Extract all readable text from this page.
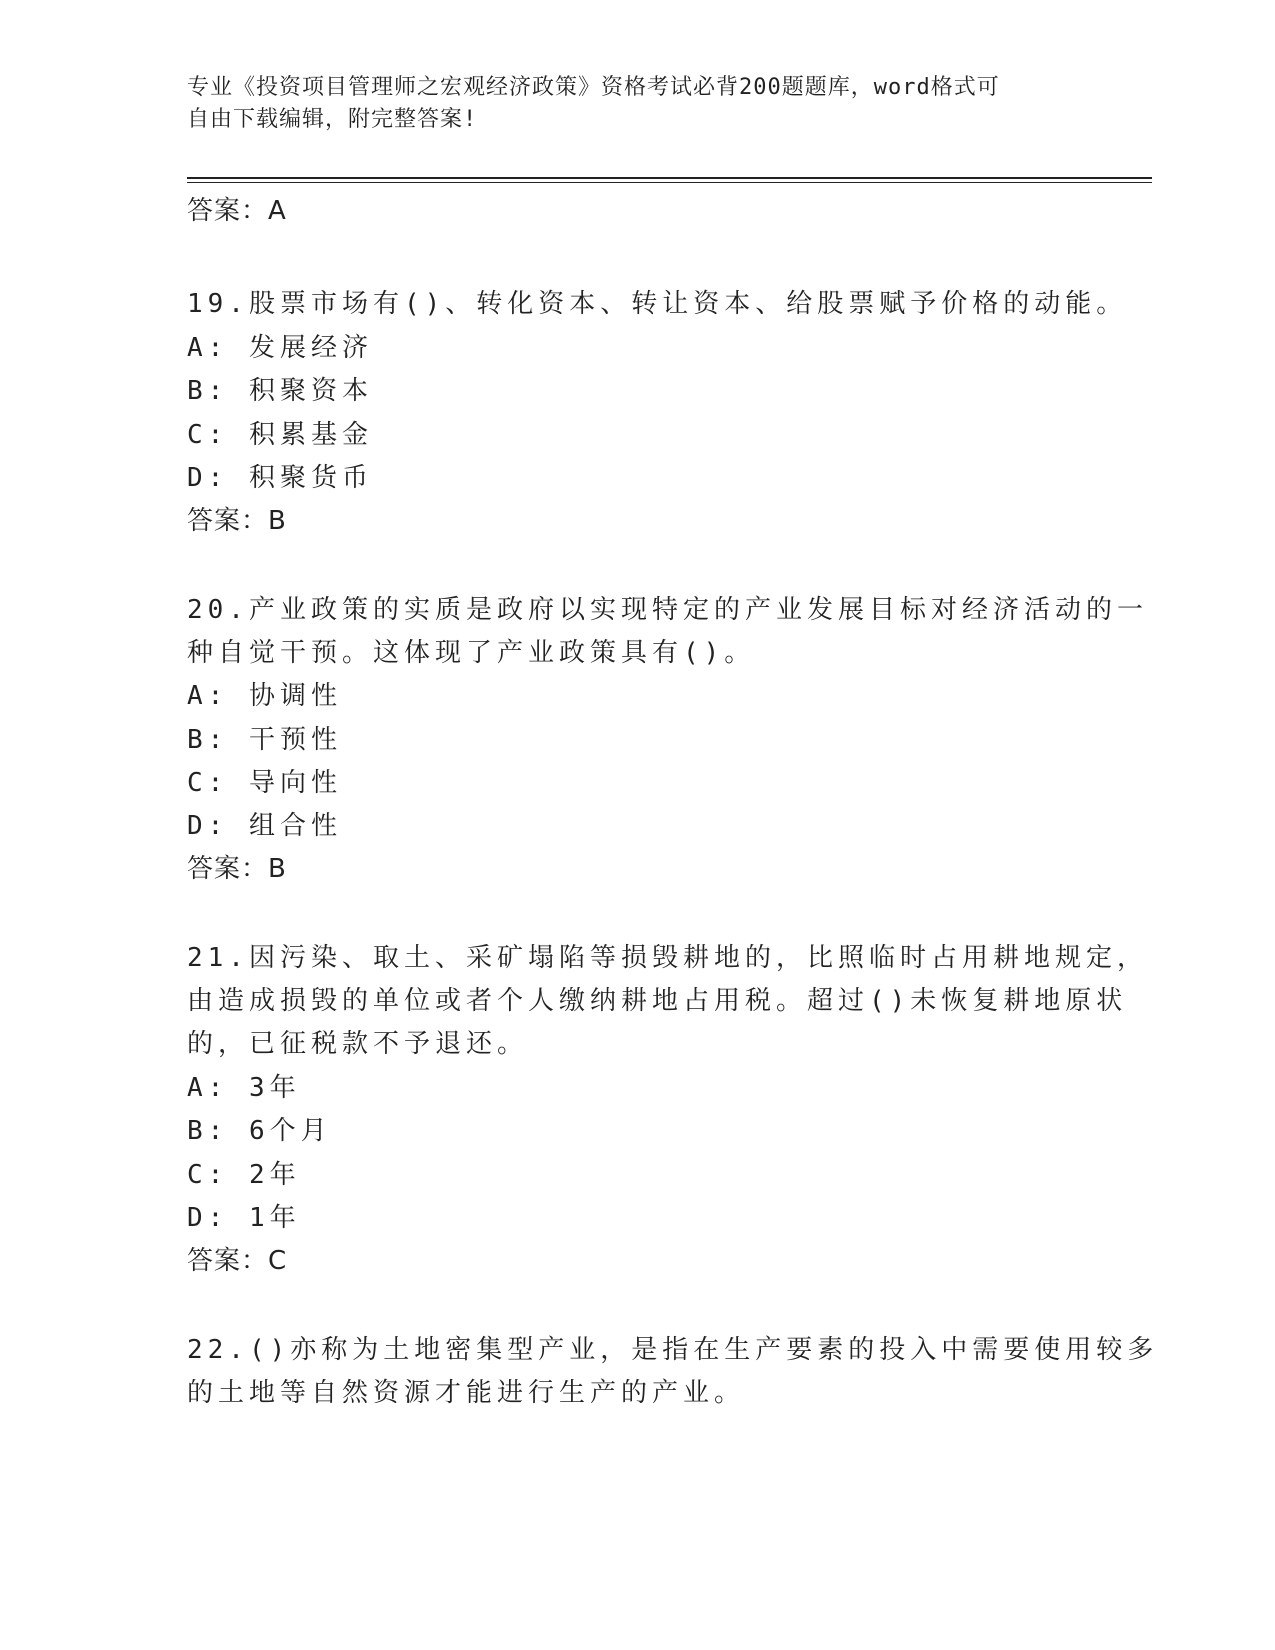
专业《投资项目管理师之宏观经济政策》资格考试必背200题题库，word格式可
自由下载编辑，附完整答案!
答案：A
19.股票市场有()、转化资本、转让资本、给股票赋予价格的动能。
A: 发展经济
B: 积聚资本
C: 积累基金
D: 积聚货币
答案：B
20.产业政策的实质是政府以实现特定的产业发展目标对经济活动的一
种自觉干预。这体现了产业政策具有()。
A: 协调性
B: 干预性
C: 导向性
D: 组合性
答案：B
21.因污染、取土、采矿塌陷等损毁耕地的，比照临时占用耕地规定，
由造成损毁的单位或者个人缴纳耕地占用税。超过()未恢复耕地原状
的，已征税款不予退还。
A: 3年
B: 6个月
C: 2年
D: 1年
答案：C
22.()亦称为土地密集型产业，是指在生产要素的投入中需要使用较多
的土地等自然资源才能进行生产的产业。
